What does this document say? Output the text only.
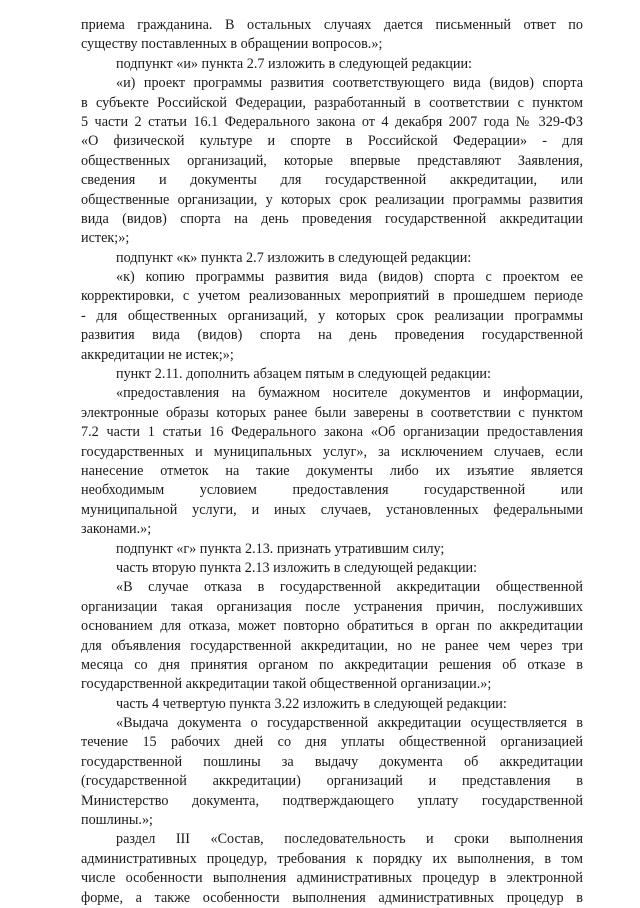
приема гражданина. В остальных случаях дается письменный ответ по
существу поставленных в обращении вопросов.»;
подпункт «и» пункта 2.7 изложить в следующей редакции:
«и) проект программы развития соответствующего вида (видов) спорта
в субъекте Российской Федерации, разработанный в соответствии с пунктом
5 части 2 статьи 16.1 Федерального закона от 4 декабря 2007 года № 329-ФЗ
«О физической культуре и спорте в Российской Федерации» - для
общественных организаций, которые впервые представляют Заявления,
сведения и документы для государственной аккредитации, или
общественные организации, у которых срок реализации программы развития
вида (видов) спорта на день проведения государственной аккредитации
истек;»;
подпункт «к» пункта 2.7 изложить в следующей редакции:
«к) копию программы развития вида (видов) спорта с проектом ее
корректировки, с учетом реализованных мероприятий в прошедшем периоде
- для общественных организаций, у которых срок реализации программы
развития вида (видов) спорта на день проведения государственной
аккредитации не истек;»;
пункт 2.11. дополнить абзацем пятым в следующей редакции:
«предоставления на бумажном носителе документов и информации,
электронные образы которых ранее были заверены в соответствии с пунктом
7.2 части 1 статьи 16 Федерального закона «Об организации предоставления
государственных и муниципальных услуг», за исключением случаев, если
нанесение отметок на такие документы либо их изъятие является
необходимым условием предоставления государственной или
муниципальной услуги, и иных случаев, установленных федеральными
законами.»;
подпункт «г» пункта 2.13. признать утратившим силу;
часть вторую пункта 2.13 изложить в следующей редакции:
«В случае отказа в государственной аккредитации общественной
организации такая организация после устранения причин, послуживших
основанием для отказа, может повторно обратиться в орган по аккредитации
для объявления государственной аккредитации, но не ранее чем через три
месяца со дня принятия органом по аккредитации решения об отказе в
государственной аккредитации такой общественной организации.»;
часть 4 четвертую пункта 3.22 изложить в следующей редакции:
«Выдача документа о государственной аккредитации осуществляется в
течение 15 рабочих дней со дня уплаты общественной организацией
государственной пошлины за выдачу документа об аккредитации
(государственной аккредитации) организаций и представления в
Министерство документа, подтверждающего уплату государственной
пошлины.»;
раздел III «Состав, последовательность и сроки выполнения
административных процедур, требования к порядку их выполнения, в том
числе особенности выполнения административных процедур в электронной
форме, а также особенности выполнения административных процедур в
